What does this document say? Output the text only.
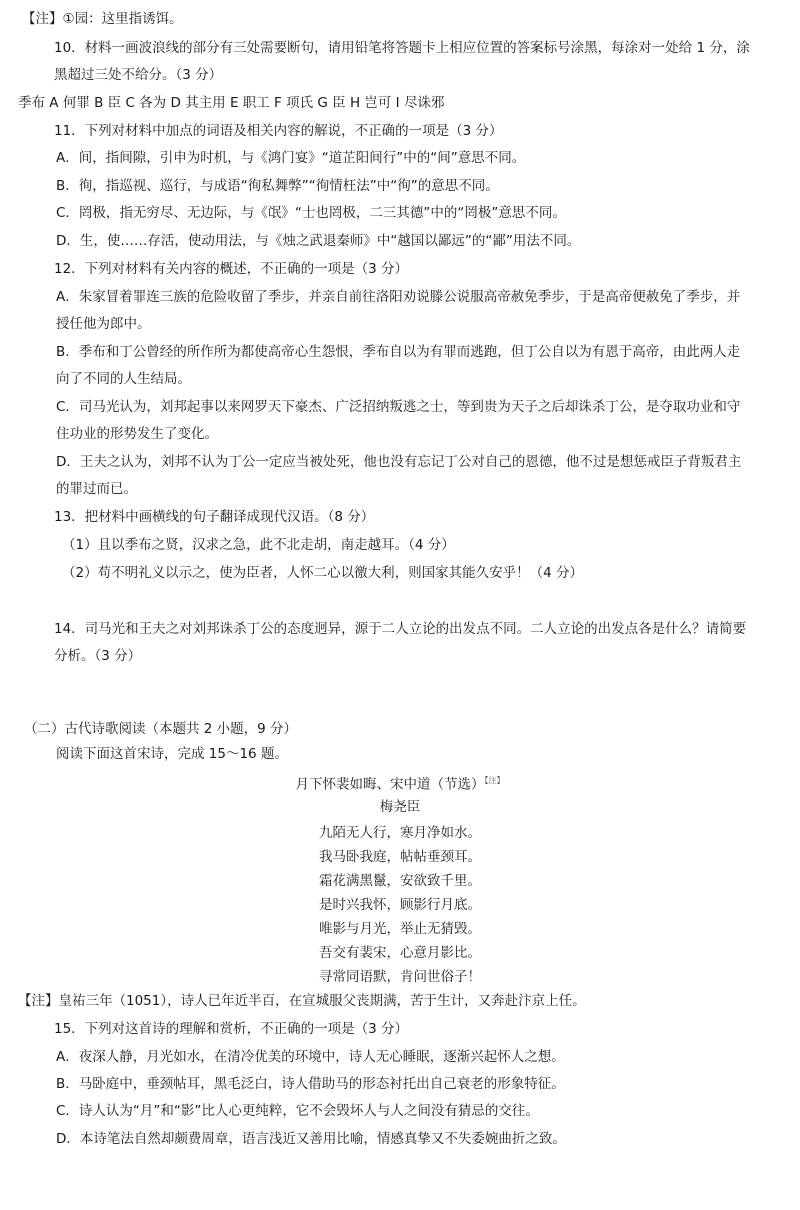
【注】①园：这里指诱饵。
10．材料一画波浪线的部分有三处需要断句，请用铅笔将答题卡上相应位置的答案标号涂黑，每涂对一处给 1 分，涂
黑超过三处不给分。（3 分）
季布 A 何罪 B 臣 C 各为 D 其主用 E 职工 F 项氏 G 臣 H 岂可 I 尽诛邪
11．下列对材料中加点的词语及相关内容的解说，不正确的一项是（3 分）
A．间，指间隙，引申为时机，与《鸿门宴》“道芷阳间行”中的“间”意思不同。
B．徇，指巡视、巡行，与成语“徇私舞弊”“徇情枉法”中“徇”的意思不同。
C．罔极，指无穷尽、无边际，与《氓》“士也罔极，二三其德”中的“罔极”意思不同。
D．生，使……存活，使动用法，与《烛之武退秦师》中“越国以鄙远”的“鄙”用法不同。
12．下列对材料有关内容的概述，不正确的一项是（3 分）
A．朱家冒着罪连三族的危险收留了季步，并亲自前往洛阳劝说滕公说服高帝赦免季步，于是高帝便赦免了季步，并
授任他为郎中。
B．季布和丁公曾经的所作所为都使高帝心生怨恨，季布自以为有罪而逃跑，但丁公自以为有恩于高帝，由此两人走
向了不同的人生结局。
C．司马光认为，刘邦起事以来网罗天下豪杰、广泛招纳叛逃之士，等到贵为天子之后却诛杀丁公，是夺取功业和守
住功业的形势发生了变化。
D．王夫之认为，刘邦不认为丁公一定应当被处死，他也没有忘记丁公对自己的恩德，他不过是想惩戒臣子背叛君主
的罪过而已。
13．把材料中画横线的句子翻译成现代汉语。（8 分）
（1）且以季布之贤，汉求之急，此不北走胡，南走越耳。（4 分）
（2）苟不明礼义以示之，使为臣者，人怀二心以徼大利，则国家其能久安乎！（4 分）
14．司马光和王夫之对刘邦诛杀丁公的态度迥异，源于二人立论的出发点不同。二人立论的出发点各是什么？请简要
分析。（3 分）
（二）古代诗歌阅读（本题共 2 小题，9 分）
阅读下面这首宋诗，完成 15～16 题。
月下怀裴如晦、宋中道（节选）$^{【注】}$
梅尧臣
九陌无人行，寒月净如水。
我马卧我庭，帖帖垂颈耳。
霜花满黑鬣，安欲致千里。
是时兴我怀，顾影行月底。
唯影与月光，举止无猜毁。
吾交有裴宋，心意月影比。
寻常同语默，肯问世俗子！
【注】皇祐三年（1051），诗人已年近半百，在宣城服父丧期满，苦于生计，又奔赴汴京上任。
15．下列对这首诗的理解和赏析，不正确的一项是（3 分）
A．夜深人静，月光如水，在清冷优美的环境中，诗人无心睡眠，逐渐兴起怀人之想。
B．马卧庭中，垂颈帖耳，黑毛泛白，诗人借助马的形态衬托出自己衰老的形象特征。
C．诗人认为“月”和“影”比人心更纯粹，它不会毁坏人与人之间没有猜忌的交往。
D．本诗笔法自然却颇费周章，语言浅近又善用比喻，情感真挚又不失委婉曲折之致。
